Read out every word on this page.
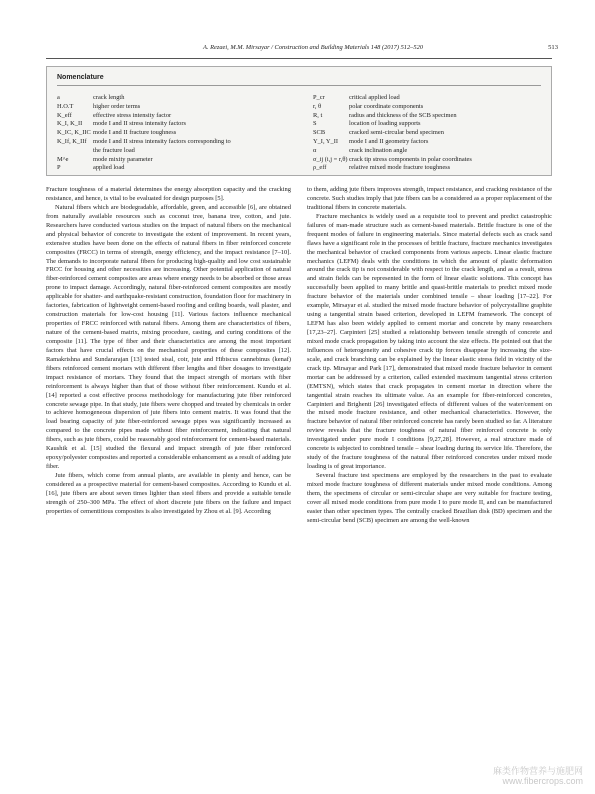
A. Rezaei, M.M. Mirsayar / Construction and Building Materials 148 (2017) 512–520	513
Nomenclature
a	crack length
H.O.T	higher order terms
K_eff	effective stress intensity factor
K_I, K_II	mode I and II stress intensity factors
K_IC, K_IIC mode I and II fracture toughness
K_If, K_IIf	mode I and II stress intensity factors corresponding to
the fracture load
M^e	mode mixity parameter
P	applied load
P_cr	critical applied load
r, θ	polar coordinate components
R, t	radius and thickness of the SCB specimen
S	location of loading supports
SCB	cracked semi-circular bend specimen
Y_I, Y_II	mode I and II geometry factors
α	crack inclination angle
σ_ij (i,j = r,θ) crack tip stress components in polar coordinates
ρ_eff	relative mixed mode fracture toughness

Fracture toughness of a material determines the energy absorption capacity and the cracking resistance, and hence, is vital to be evaluated for design purposes [5].

Natural fibers which are biodegradable, affordable, green, and accessible [6], are obtained from naturally available resources such as coconut tree, banana tree, cotton, and jute. Researchers have conducted various studies on the impact of natural fibers on the mechanical and physical behavior of concrete to investigate the extent of improvement. In recent years, extensive studies have been done on the effects of natural fibers in fiber reinforced concrete composites (FRCC) in terms of strength, energy efficiency, and the impact resistance [7–10]. The demands to incorporate natural fibers for producing high-quality and low cost sustainable FRCC for housing and other necessities are increasing. Other potential application of natural fiber-reinforced cement composites are areas where energy needs to be absorbed or those areas prone to impact damage. Accordingly, natural fiber-reinforced cement composites are mostly applicable for shatter- and earthquake-resistant construction, foundation floor for machinery in factories, fabrication of lightweight cement-based roofing and ceiling boards, wall plaster, and construction materials for low-cost housing [11]. Various factors influence mechanical properties of FRCC reinforced with natural fibers. Among them are characteristics of fibers, nature of the cement-based matrix, mixing procedure, casting, and curing conditions of the composite [11]. The type of fiber and their characteristics are among the most important factors that have crucial effects on the mechanical properties of these composites [12]. Ramakrishna and Sundararajan [13] tested sisal, coir, jute and Hibiscus cannebinus (kenaf) fibers reinforced cement mortars with different fiber lengths and fiber dosages to investigate impact resistance of mortars. They found that the impact strength of mortars with fiber reinforcement is always higher than that of those without fiber reinforcement. Kundu et al. [14] reported a cost effective process methodology for manufacturing jute fiber reinforced concrete sewage pipe. In that study, jute fibers were chopped and treated by chemicals in order to achieve homogeneous dispersion of jute fibers into cement matrix. It was found that the load bearing capacity of jute fiber-reinforced sewage pipes was significantly increased as compared to the concrete pipes made without fiber reinforcement, indicating that natural fibers, such as jute fibers, could be reasonably good reinforcement for cement-based materials. Kaushik et al. [15] studied the flexural and impact strength of jute fiber reinforced epoxy/polyester composites and reported a considerable enhancement as a result of adding jute fiber.

Jute fibers, which come from annual plants, are available in plenty and hence, can be considered as a prospective material for cement-based composites. According to Kundu et al. [16], jute fibers are about seven times lighter than steel fibers and provide a suitable tensile strength of 250–300 MPa. The effect of short discrete jute fibers on the failure and impact properties of cementitious composites is also investigated by Zhou et al. [9]. According

to them, adding jute fibers improves strength, impact resistance, and cracking resistance of the concrete. Such studies imply that jute fibers can be a considered as a proper replacement of the traditional fibers in concrete materials.

Fracture mechanics is widely used as a requisite tool to prevent and predict catastrophic failures of man-made structure such as cement-based materials. Brittle fracture is one of the frequent modes of failure in engineering materials. Since material defects such as crack sand flaws have a significant role in the processes of brittle fracture, fracture mechanics investigates the mechanical behavior of cracked components from various aspects. Linear elastic fracture mechanics (LEFM) deals with the conditions in which the amount of plastic deformation around the crack tip is not considerable with respect to the crack length, and as a result, stress and strain fields can be represented in the form of linear elastic solutions. This concept has successfully been applied to many brittle and quasi-brittle materials to predict mixed mode fracture behavior of the materials under combined tensile – shear loading [17–22]. For example, Mirsayar et al. studied the mixed mode fracture behavior of polycrystalline graphite using a tangential strain based criterion, developed in LEFM framework. The concept of LEFM has also been widely applied to cement mortar and concrete by many researchers [17,23–27]. Carpinteri [25] studied a relationship between tensile strength of concrete and mixed mode crack propagation by taking into account the size effects. He pointed out that the influences of heterogeneity and cohesive crack tip forces disappear by increasing the size-scale, and crack branching can be explained by the linear elastic stress field in vicinity of the crack tip. Mirsayar and Park [17], demonstrated that mixed mode fracture behavior in cement mortar can be addressed by a criterion, called extended maximum tangential stress criterion (EMTSN), which states that crack propagates in cement mortar in direction where the tangential strain reaches its ultimate value. As an example for fiber-reinforced concretes, Carpinteri and Brighenti [26] investigated effects of different values of the water/cement on the mixed mode fracture resistance, and other mechanical characteristics. However, the fracture behavior of natural fiber reinforced concrete has rarely been studied so far. A literature review reveals that the fracture toughness of natural fiber reinforced concrete is only investigated under pure mode I conditions [9,27,28]. However, a real structure made of concrete is subjected to combined tensile – shear loading during its service life. Therefore, the study of the fracture toughness of the natural fiber reinforced concretes under mixed mode loading is of great importance.

Several fracture test specimens are employed by the researchers in the past to evaluate mixed mode fracture toughness of different materials under mixed mode conditions. Among them, the specimens of circular or semi-circular shape are very suitable for fracture testing, cover all mixed mode conditions from pure mode I to pure mode II, and can be manufactured easier than other specimen types. The centrally cracked Brazilian disk (BD) specimen and the semi-circular bend (SCB) specimen are among the well-known

麻类作物营养与施肥网
www.fibercrops.com
